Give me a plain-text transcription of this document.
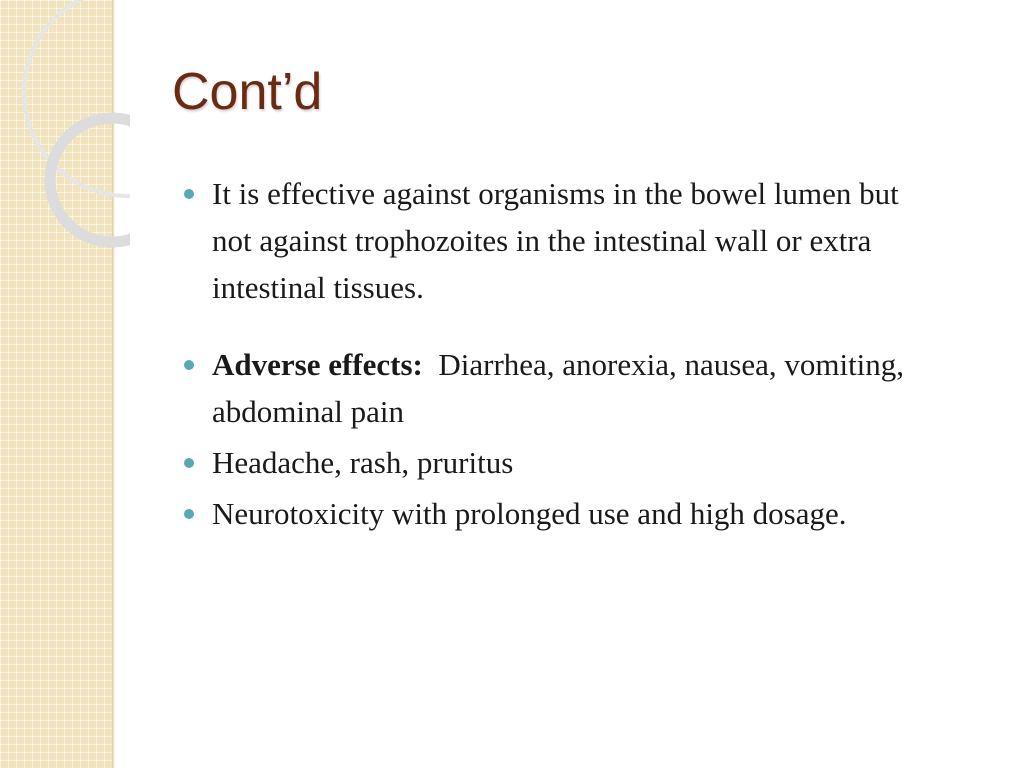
Cont’d

It is effective against organisms in the bowel lumen but not against trophozoites in the intestinal wall or extra intestinal tissues.

Adverse effects:  Diarrhea, anorexia, nausea, vomiting, abdominal pain

Headache, rash, pruritus

Neurotoxicity with prolonged use and high dosage.
